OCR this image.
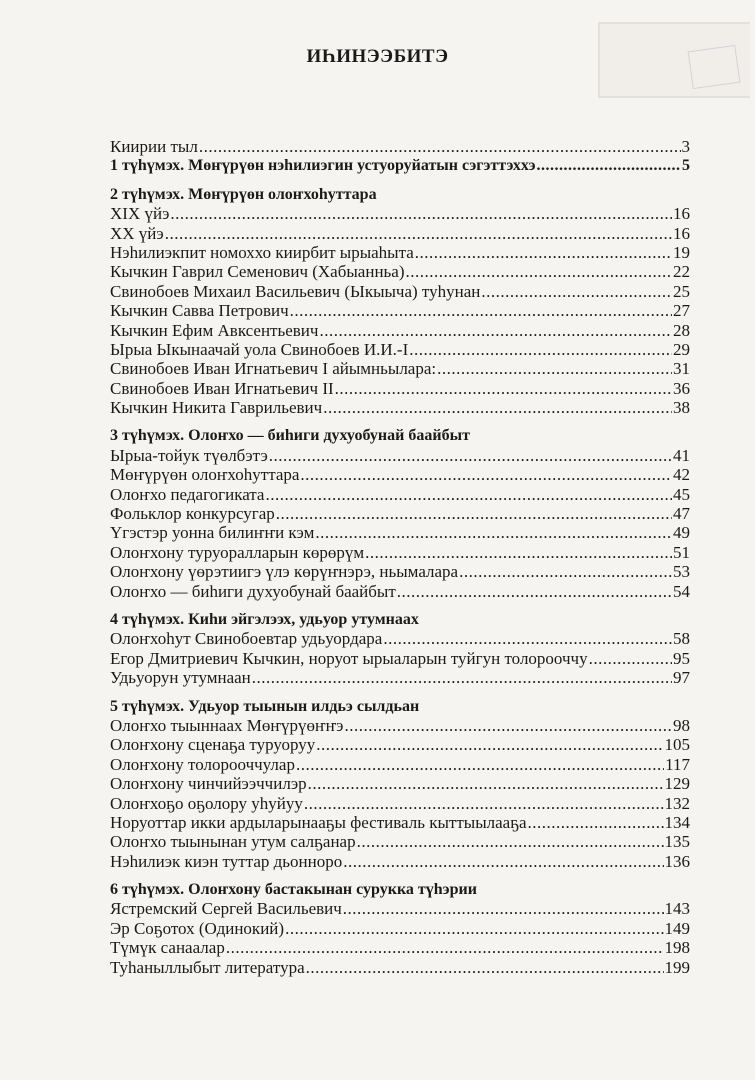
ИҺИНЭЭБИТЭ
Киирии тыл .....	3
1 түһүмэх. Мөҥүрүөн нэһилиэгин устуоруйатын сэгэттэххэ .....	5
2 түһүмэх. Мөҥүрүөн олоҥхоһуттара
XIX үйэ .....	16
XX үйэ .....	16
Нэһилиэкпит номоххо киирбит ырыаһыта .....	19
Кычкин Гаврил Семенович (Хабыанньа) .....	22
Свинобоев Михаил Васильевич (Ыкыыча) туһунан .....	25
Кычкин Савва Петрович .....	27
Кычкин Ефим Авксентьевич .....	28
Ырыа Ыкынаачай уола Свинобоев И.И.-I .....	29
Свинобоев Иван Игнатьевич I айымньылара: .....	31
Свинобоев Иван Игнатьевич II .....	36
Кычкин Никита Гаврильевич .....	38
3 түһүмэх. Олоҥхо — биһиги духуобунай баайбыт
Ырыа-тойук түөлбэтэ .....	41
Мөҥүрүөн олоҥхоһуттара .....	42
Олоҥхо педагогиката .....	45
Фольклор конкурсугар .....	47
Үгэстэр уонна билиҥҥи кэм .....	49
Олоҥхону туруоралларын көрөрүм .....	51
Олоҥхону үөрэтиигэ үлэ көрүҥнэрэ, ньымалара .....	53
Олоҥхо — биһиги духуобунай баайбыт .....	54
4 түһүмэх. Киһи эйгэлээх, удьуор утумнаах
Олоҥхоһут Свинобоевтар удьуордара .....	58
Егор Дмитриевич Кычкин, норуот ырыаларын туйгун толорооччу .....	95
Удьуорун утумнаан .....	97
5 түһүмэх. Удьуор тыынын илдьэ сылдьан
Олоҥхо тыыннаах Мөҥүрүөҥҥэ .....	98
Олоҥхону сценаҕа туруоруу .....	105
Олоҥхону толорооччулар .....	117
Олоҥхону чинчийээччилэр .....	129
Олоҥхоҕо оҕолору уһуйуу .....	132
Норуоттар икки ардыларынааҕы фестиваль кыттыылааҕа .....	134
Олоҥхо тыынынан утум салҕанар .....	135
Нэһилиэк киэн туттар дьонноро .....	136
6 түһүмэх. Олоҥхону бастакынан сурукка түһэрии
Ястремский Сергей Васильевич .....	143
Эр Соҕотох (Одинокий) .....	149
Түмүк санаалар .....	198
Туһаныллыбыт литература .....	199
